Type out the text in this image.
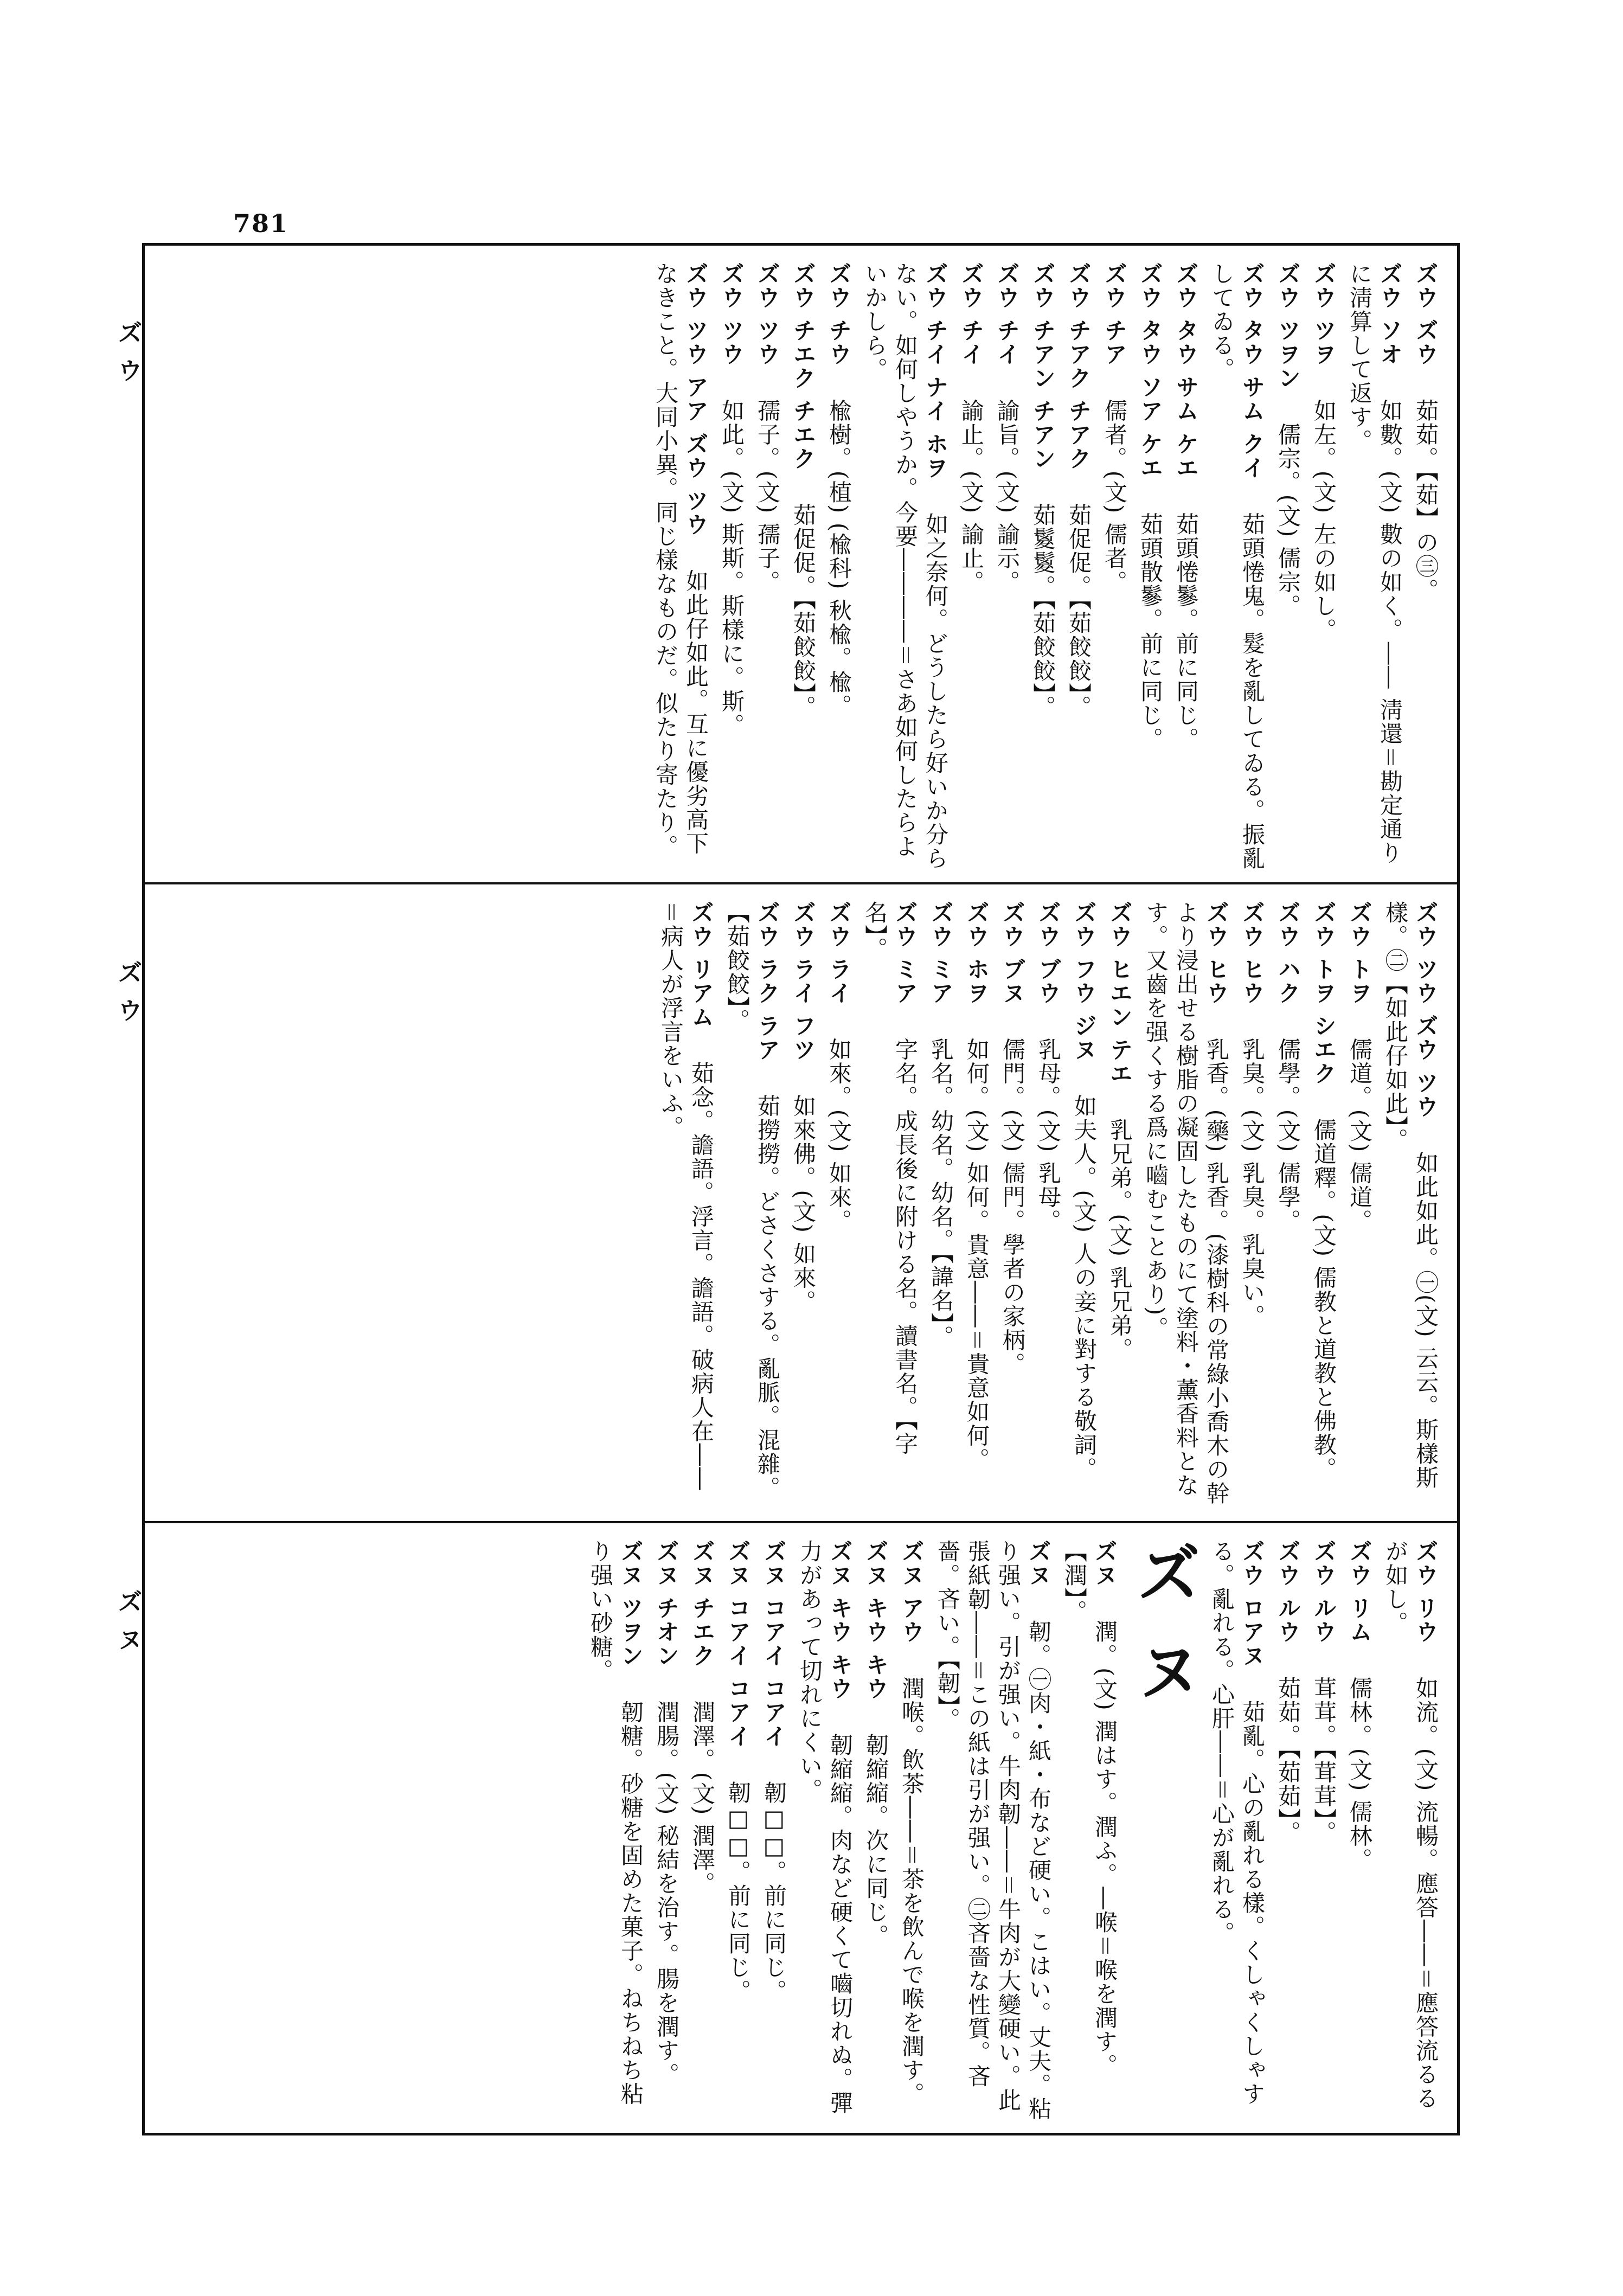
781
ズ
ウ
ズ
ウ
ズ
ヌ
ズウ ズウ　茹茹。【茹】の㊂。
ズウ ソオ　如數。(文) 數の如く。―― 淸還＝勘定通りに淸算して返す。
ズウ ツヲ　如左。(文) 左の如し。
ズウ ツヲン　儒宗。(文) 儒宗。
ズウ タウ サム クイ　茹頭惓鬼。髮を亂してゐる。振亂してゐる。
ズウ タウ サム ケエ　茹頭惓鬖。前に同じ。
ズウ タウ ソア ケエ　茹頭散鬖。前に同じ。
ズウ チア　儒者。(文) 儒者。
ズウ チアク チアク　茹促促。【茹餃餃】。
ズウ チアン チアン　茹鬉鬉。【茹餃餃】。
ズウ チイ　諭旨。(文) 諭示。
ズウ チイ　諭止。(文) 諭止。
ズウ チイ ナイ ホヲ　如之奈何。どうしたら好いか分らない。如何しやうか。今要――――＝さあ如何したらよいかしら。
ズウ チウ　楡樹。(植) (楡科) 秋楡。楡。
ズウ チエク チエク　茹促促。【茹餃餃】。
ズウ ツウ　孺子。(文) 孺子。
ズウ ツウ　如此。(文) 斯斯。斯樣に。斯。
ズウ ツウ アア ズウ ツウ　如此仔如此。互に優劣高下なきこと。大同小異。同じ樣なものだ。似たり寄たり。
ズウ ツウ ズウ ツウ　如此如此。㊀(文) 云云。斯樣斯樣。㊁【如此仔如此】。
ズウ トヲ　儒道。(文) 儒道。
ズウ トヲ シエク　儒道釋。(文) 儒教と道教と佛教。
ズウ ハク　儒學。(文) 儒學。
ズウ ヒウ　乳臭。(文) 乳臭。乳臭い。
ズウ ヒウ　乳香。(藥) 乳香。(漆樹科の常綠小喬木の幹より浸出せる樹脂の凝固したものにて塗料・薰香料となす。又齒を强くする爲に嚙むことあり)。
ズウ ヒエン テエ　乳兄弟。(文) 乳兄弟。
ズウ フウ ジヌ　如夫人。(文) 人の妾に對する敬詞。
ズウ ブウ　乳母。(文) 乳母。
ズウ ブヌ　儒門。(文) 儒門。學者の家柄。
ズウ ホヲ　如何。(文) 如何。貴意――＝貴意如何。
ズウ ミア　乳名。幼名。幼名。【諱名】。
ズウ ミア　字名。成長後に附ける名。讀書名。【字名】。
ズウ ライ　如來。(文) 如來。
ズウ ライ フツ　如來佛。(文) 如來。
ズウ ラク ラア　茹撈撈。どさくさする。亂脈。混雜。【茹餃餃】。
ズウ リアム　茹念。譫語。浮言。譫語。破病人在――＝病人が浮言をいふ。
ズウ リウ　如流。(文) 流暢。應答――＝應答流るるが如し。
ズウ リム　儒林。(文) 儒林。
ズウ ルウ　茸茸。【茸茸】。
ズウ ルウ　茹茹。【茹茹】。
ズウ ロアヌ　茹亂。心の亂れる樣。くしゃくしゃする。亂れる。心肝――＝心が亂れる。
ズヌ
ズヌ　潤。(文) 潤はす。潤ふ。―喉＝喉を潤す。【潤】。
ズヌ　韌。㊀肉・紙・布など硬い。こはい。丈夫。粘り强い。引が强い。牛肉韌――＝牛肉が大變硬い。此張紙韌――＝この紙は引が强い。㊁吝嗇な性質。吝嗇。吝い。【韌】。
ズヌ アウ　潤喉。飲茶――＝茶を飲んで喉を潤す。
ズヌ キウ キウ　韌縮縮。次に同じ。
ズヌ キウ キウ　韌縮縮。肉など硬くて嚙切れぬ。彈力があって切れにくい。
ズヌ コアイ コアイ　韌□□。前に同じ。
ズヌ コアイ コアイ　韌□□。前に同じ。
ズヌ チエク　潤澤。(文) 潤澤。
ズヌ チオン　潤腸。(文) 秘結を治す。腸を潤す。
ズヌ ツヲン　韌糖。砂糖を固めた菓子。ねちねち粘り强い砂糖。
